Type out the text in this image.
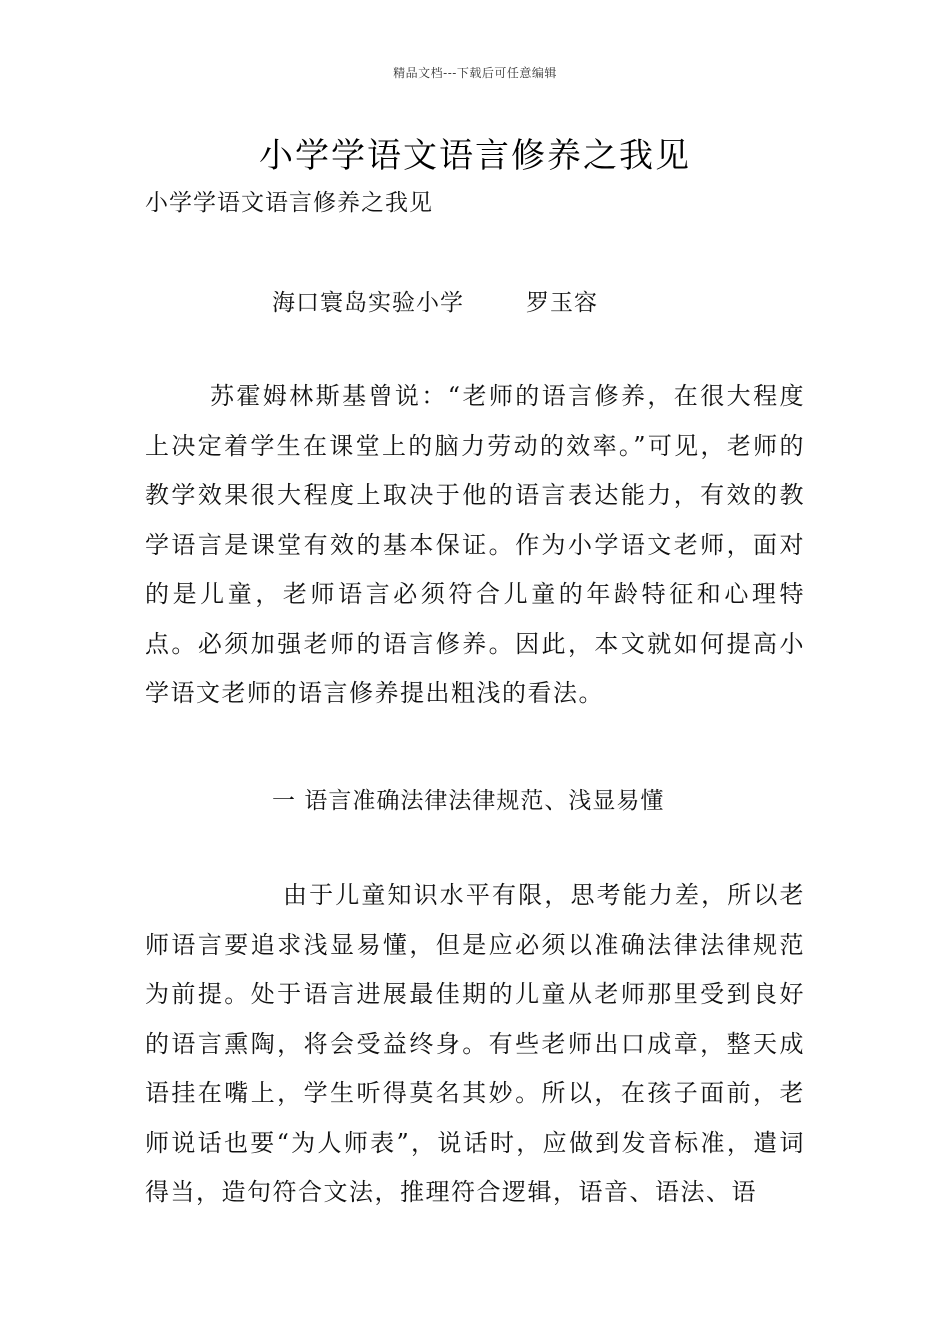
精品文档---下载后可任意编辑
小学学语文语言修养之我见
小学学语文语言修养之我见
海口寰岛实验小学	罗玉容

苏霍姆林斯基曾说：“老师的语言修养，在很大程度上决定着学生在课堂上的脑力劳动的效率。”可见，老师的教学效果很大程度上取决于他的语言表达能力，有效的教学语言是课堂有效的基本保证。作为小学语文老师，面对的是儿童，老师语言必须符合儿童的年龄特征和心理特点。必须加强老师的语言修养。因此，本文就如何提高小学语文老师的语言修养提出粗浅的看法。

一 语言准确法律法律规范、浅显易懂

由于儿童知识水平有限，思考能力差，所以老师语言要追求浅显易懂，但是应必须以准确法律法律规范为前提。处于语言进展最佳期的儿童从老师那里受到良好的语言熏陶，将会受益终身。有些老师出口成章，整天成语挂在嘴上，学生听得莫名其妙。所以，在孩子面前，老师说话也要“为人师表”，说话时，应做到发音标准，遣词得当，造句符合文法，推理符合逻辑，语音、语法、语
